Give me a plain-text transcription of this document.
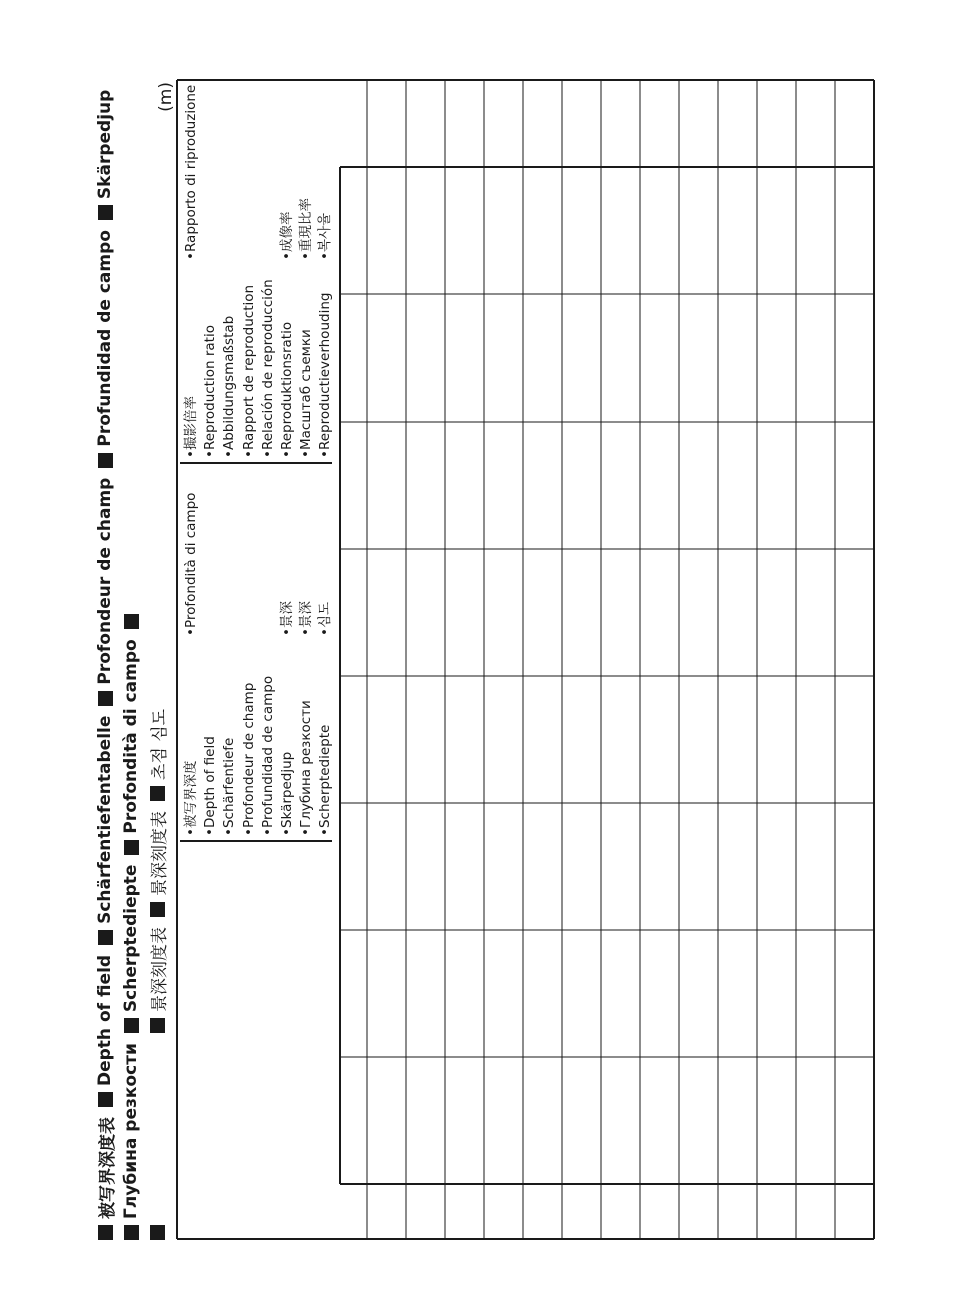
被写界深度表
Depth of field
Schärfentiefentabelle
Profondeur de champ
Profundidad de campo
Skärpedjup
Глубина резкости
Scherptediepte
Profondità di campo
景深刻度表
景深刻度表
초점 심도
(m)
•被写界深度 •Depth of field •Schärfentiefe •Profondeur de champ •Profundidad de campo •Skärpedjup •Глубина резкости •Scherptediepte
•Profondità di campo

	•景深 •景深 •심도
•撮影倍率 •Reproduction ratio •Abbildungsmaßstab •Rapport de reproduction •Relación de reproducción •Reproduktionsratio •Масштаб съемки •Reproductieverhouding
•Rapporto di riproduzione

	•成像率 •重現比率 •복사율
